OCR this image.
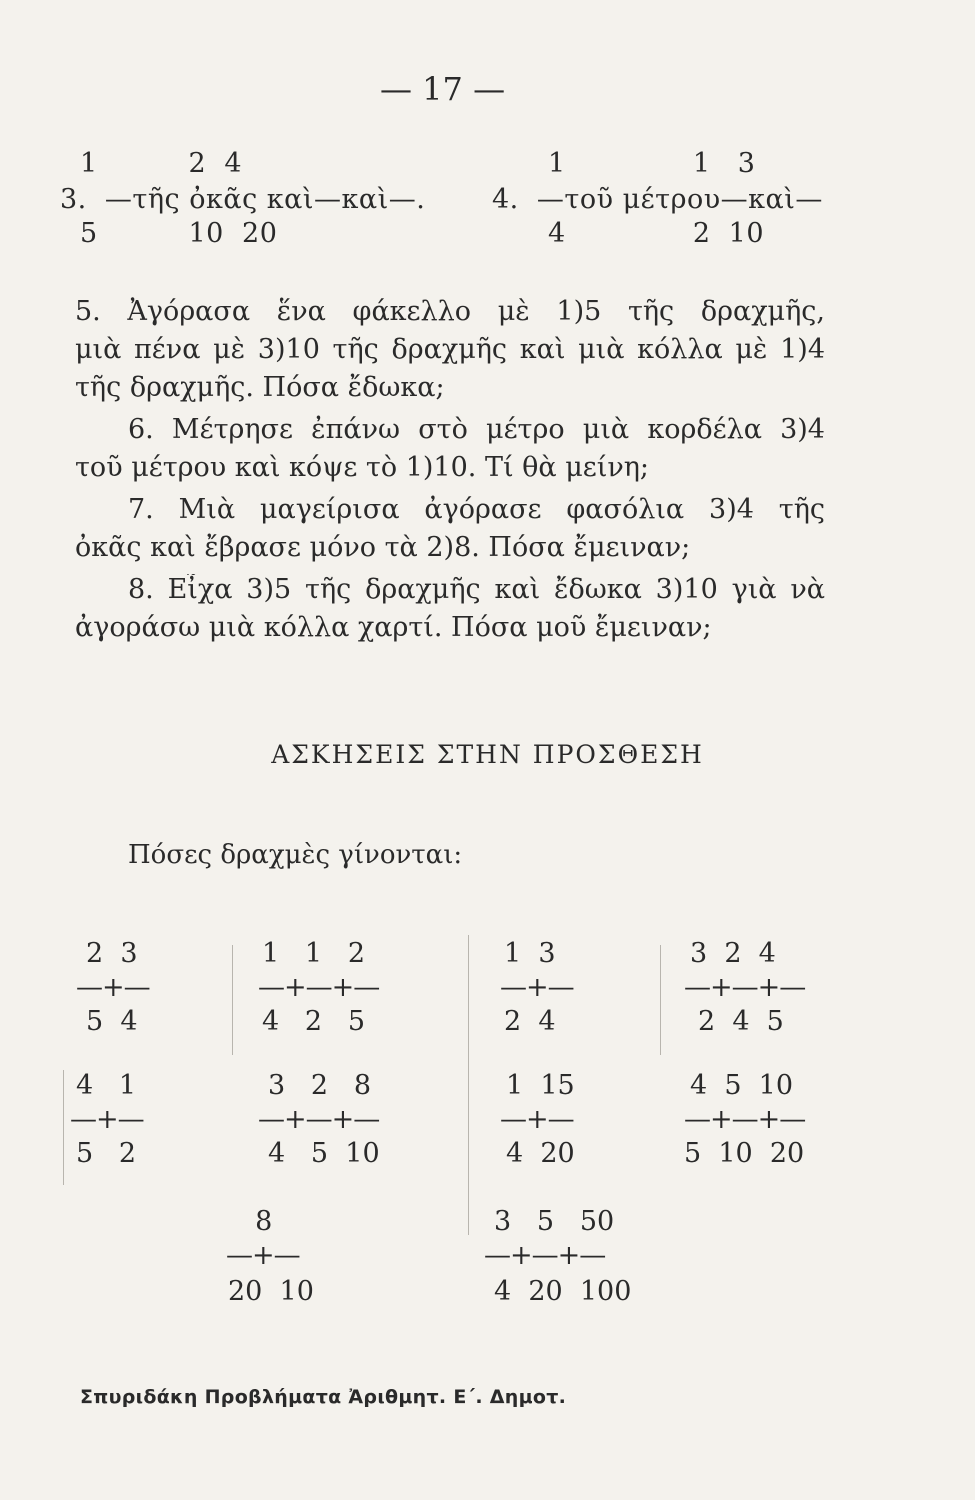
— 17 —
1          2  4
3.  —τῆς ὀκᾶς καὶ—καὶ—.
5          10  20
1              1   3
4.  —τοῦ μέτρου—καὶ—
4              2  10
5. Ἀγόρασα ἕνα φάκελλο μὲ 1)5 τῆς δραχμῆς,
μιὰ πένα μὲ 3)10 τῆς δραχμῆς καὶ μιὰ κόλλα μὲ 1)4
τῆς δραχμῆς. Πόσα ἔδωκα;
6. Μέτρησε ἐπάνω στὸ μέτρο μιὰ κορδέλα 3)4
τοῦ μέτρου καὶ κόψε τὸ 1)10. Τί θὰ μείνη;
7. Μιὰ μαγείρισα ἀγόρασε φασόλια 3)4 τῆς
ὀκᾶς καὶ ἔβρασε μόνο τὰ 2)8. Πόσα ἔμειναν;
8. Εἶχα 3)5 τῆς δραχμῆς καὶ ἔδωκα 3)10 γιὰ νὰ
ἀγοράσω μιὰ κόλλα χαρτί. Πόσα μοῦ ἔμειναν;
ΑΣΚΗΣΕΙΣ ΣΤΗΝ ΠΡΟΣΘΕΣΗ
Πόσες δραχμὲς γίνονται:
2  3
—+—
5  4
1   1   2
—+—+—
4   2   5
1  3
—+—
2  4
3  2  4
—+—+—
2  4  5
4   1
—+—
5   2
3   2   8
—+—+—
4   5  10
1  15
—+—
4  20
4  5  10
—+—+—
5  10  20
8
—+—
20  10
3   5   50
—+—+—
4  20  100
Σπυριδάκη Προβλήματα Ἀριθμητ. Ε΄. Δημοτ.
